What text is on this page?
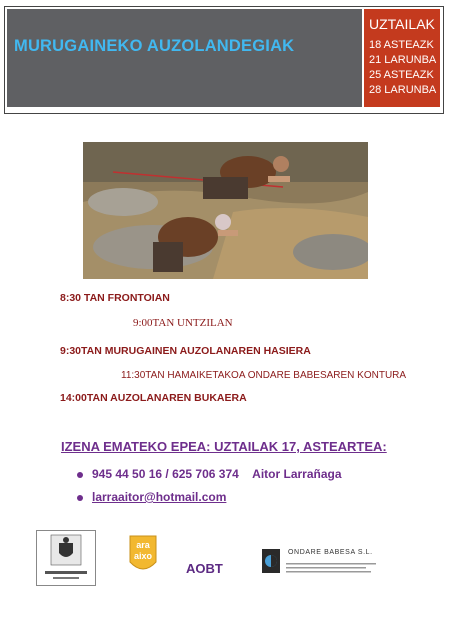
MURUGAINEKO AUZOLANDEGIAK
UZTAILAK
18 ASTEAZK
21 LARUNBA
25 ASTEAZK
28 LARUNBA
8:30 TAN FRONTOIAN
9:00TAN UNTZILAN
9:30TAN MURUGAINEN AUZOLANAREN HASIERA
11:30TAN HAMAIKETAKOA ONDARE BABESAREN KONTURA
14:00TAN AUZOLANAREN BUKAERA
IZENA EMATEKO EPEA: UZTAILAK 17, ASTEARTEA:
945 44 50 16 / 625 706 374 Aitor Larrañaga
larraaitor@hotmail.com
ara
aixo
AOBT
ONDARE BABESA S.L.
